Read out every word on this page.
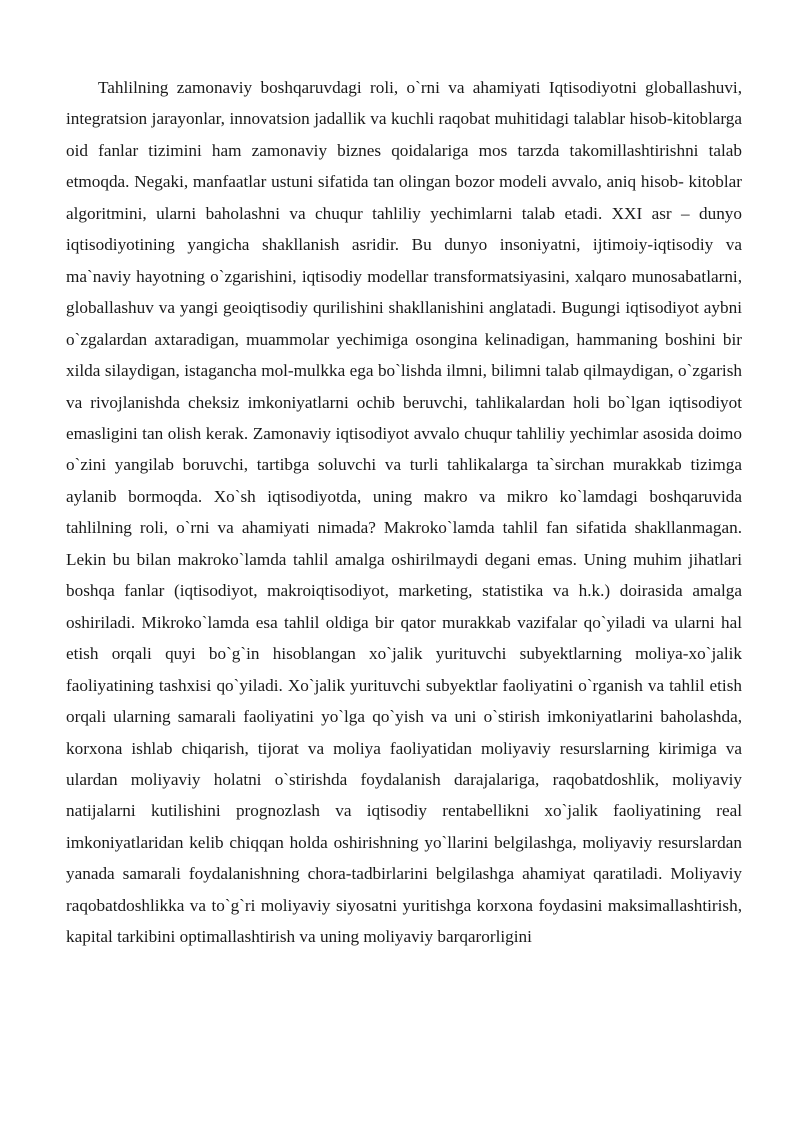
Tahlilning zamonaviy boshqaruvdagi roli, o`rni va ahamiyati Iqtisodiyotni globallashuvi, integratsion jarayonlar, innovatsion jadallik va kuchli raqobat muhitidagi talablar hisob-kitoblarga oid fanlar tizimini ham zamonaviy biznes qoidalariga mos tarzda takomillashtirishni talab etmoqda. Negaki, manfaatlar ustuni sifatida tan olingan bozor modeli avvalo, aniq hisob- kitoblar algoritmini, ularni baholashni va chuqur tahliliy yechimlarni talab etadi. XXI asr – dunyo iqtisodiyotining yangicha shakllanish asridir. Bu dunyo insoniyatni, ijtimoiy-iqtisodiy va ma`naviy hayotning o`zgarishini, iqtisodiy modellar transformatsiyasini, xalqaro munosabatlarni, globallashuv va yangi geoiqtisodiy qurilishini shakllanishini anglatadi. Bugungi iqtisodiyot aybni o`zgalardan axtaradigan, muammolar yechimiga osongina kelinadigan, hammaning boshini bir xilda silaydigan, istagancha mol-mulkka ega bo`lishda ilmni, bilimni talab qilmaydigan, o`zgarish va rivojlanishda cheksiz imkoniyatlarni ochib beruvchi, tahlikalardan holi bo`lgan iqtisodiyot emasligini tan olish kerak. Zamonaviy iqtisodiyot avvalo chuqur tahliliy yechimlar asosida doimo o`zini yangilab boruvchi, tartibga soluvchi va turli tahlikalarga ta`sirchan murakkab tizimga aylanib bormoqda. Xo`sh iqtisodiyotda, uning makro va mikro ko`lamdagi boshqaruvida tahlilning roli, o`rni va ahamiyati nimada? Makroko`lamda tahlil fan sifatida shakllanmagan. Lekin bu bilan makroko`lamda tahlil amalga oshirilmaydi degani emas. Uning muhim jihatlari boshqa fanlar (iqtisodiyot, makroiqtisodiyot, marketing, statistika va h.k.) doirasida amalga oshiriladi. Mikroko`lamda esa tahlil oldiga bir qator murakkab vazifalar qo`yiladi va ularni hal etish orqali quyi bo`g`in hisoblangan xo`jalik yurituvchi subyektlarning moliya-xo`jalik faoliyatining tashxisi qo`yiladi. Xo`jalik yurituvchi subyektlar faoliyatini o`rganish va tahlil etish orqali ularning samarali faoliyatini yo`lga qo`yish va uni o`stirish imkoniyatlarini baholashda, korxona ishlab chiqarish, tijorat va moliya faoliyatidan moliyaviy resurslarning kirimiga va ulardan moliyaviy holatni o`stirishda foydalanish darajalariga, raqobatdoshlik, moliyaviy natijalarni kutilishini prognozlash va iqtisodiy rentabellikni xo`jalik faoliyatining real imkoniyatlaridan kelib chiqqan holda oshirishning yo`llarini belgilashga, moliyaviy resurslardan yanada samarali foydalanishning chora-tadbirlarini belgilashga ahamiyat qaratiladi. Moliyaviy raqobatdoshlikka va to`g`ri moliyaviy siyosatni yuritishga korxona foydasini maksimallashtirish, kapital tarkibini optimallashtirish va uning moliyaviy barqarorligini
